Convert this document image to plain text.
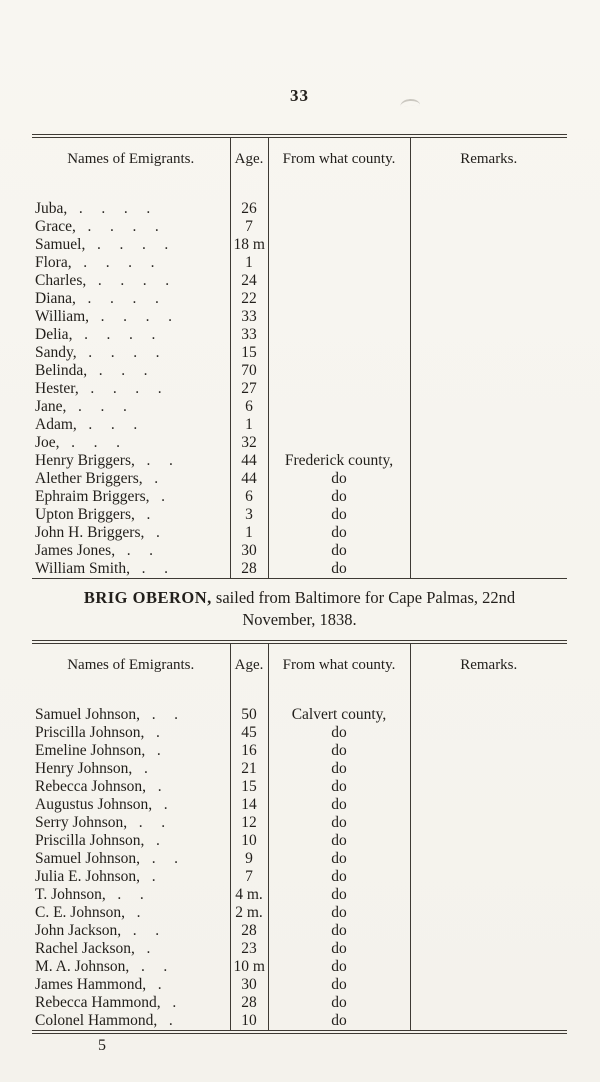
33
Names of Emigrants.	Age.	From what county.	Remarks.
Juba, . . . .	26		
Grace, . . . .	7		
Samuel, . . . .	18 m		
Flora, . . . .	1		
Charles, . . . .	24		
Diana, . . . .	22		
William, . . . .	33		
Delia, . . . .	33		
Sandy, . . . .	15		
Belinda, . . .	70		
Hester, . . . .	27		
Jane, . . .	6		
Adam, . . .	1		
Joe, . . .	32		
Henry Briggers, . .	44	Frederick county,	
Alether Briggers, .	44	do	
Ephraim Briggers, .	6	do	
Upton Briggers, .	3	do	
John H. Briggers, .	1	do	
James Jones, . .	30	do	
William Smith, . .	28	do	
BRIG OBERON, sailed from Baltimore for Cape Palmas, 22nd
November, 1838.
Names of Emigrants.	Age.	From what county.	Remarks.
Samuel Johnson, . .	50	Calvert county,	
Priscilla Johnson, .	45	do	
Emeline Johnson, .	16	do	
Henry Johnson, .	21	do	
Rebecca Johnson, .	15	do	
Augustus Johnson, .	14	do	
Serry Johnson, . .	12	do	
Priscilla Johnson, .	10	do	
Samuel Johnson, . .	9	do	
Julia E. Johnson, .	7	do	
T. Johnson, . .	4 m.	do	
C. E. Johnson, .	2 m.	do	
John Jackson, . .	28	do	
Rachel Jackson, .	23	do	
M. A. Johnson, . .	10 m	do	
James Hammond, .	30	do	
Rebecca Hammond, .	28	do	
Colonel Hammond, .	10	do	
5
